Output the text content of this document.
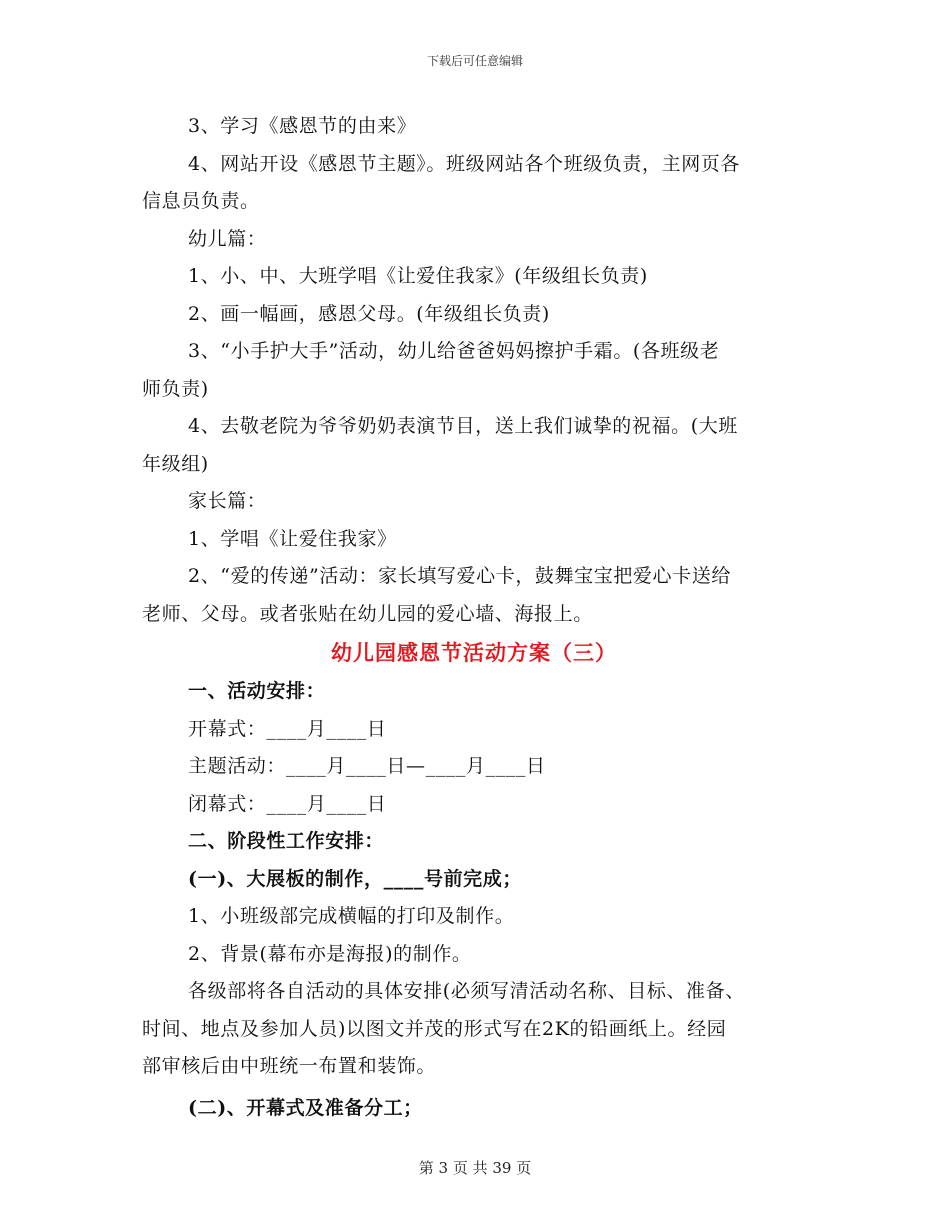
下载后可任意编辑
3、学习《感恩节的由来》
4、网站开设《感恩节主题》。班级网站各个班级负责，主网页各
信息员负责。
幼儿篇：
1、小、中、大班学唱《让爱住我家》(年级组长负责)
2、画一幅画，感恩父母。(年级组长负责)
3、“小手护大手”活动，幼儿给爸爸妈妈擦护手霜。(各班级老
师负责)
4、去敬老院为爷爷奶奶表演节目，送上我们诚挚的祝福。(大班
年级组)
家长篇：
1、学唱《让爱住我家》
2、“爱的传递”活动：家长填写爱心卡，鼓舞宝宝把爱心卡送给
老师、父母。或者张贴在幼儿园的爱心墙、海报上。
幼儿园感恩节活动方案（三）
一、活动安排：
开幕式：____月____日
主题活动：____月____日—____月____日
闭幕式：____月____日
二、阶段性工作安排：
(一)、大展板的制作，____号前完成；
1、小班级部完成横幅的打印及制作。
2、背景(幕布亦是海报)的制作。
各级部将各自活动的具体安排(必须写清活动名称、目标、准备、
时间、地点及参加人员)以图文并茂的形式写在2K的铅画纸上。经园
部审核后由中班统一布置和装饰。
(二)、开幕式及准备分工；
第 3 页 共 39 页
